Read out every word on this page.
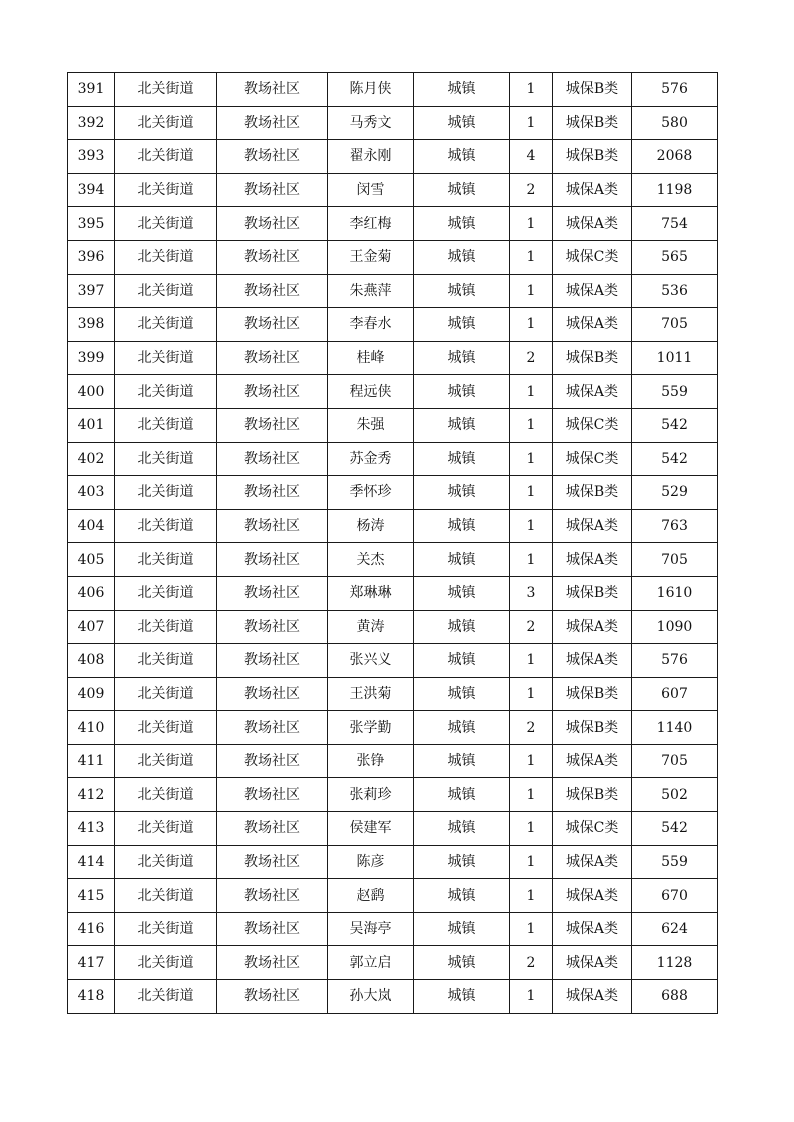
391	北关街道	教场社区	陈月侠	城镇	1	城保B类	576
392	北关街道	教场社区	马秀文	城镇	1	城保B类	580
393	北关街道	教场社区	翟永刚	城镇	4	城保B类	2068
394	北关街道	教场社区	闵雪	城镇	2	城保A类	1198
395	北关街道	教场社区	李红梅	城镇	1	城保A类	754
396	北关街道	教场社区	王金菊	城镇	1	城保C类	565
397	北关街道	教场社区	朱燕萍	城镇	1	城保A类	536
398	北关街道	教场社区	李春水	城镇	1	城保A类	705
399	北关街道	教场社区	桂峰	城镇	2	城保B类	1011
400	北关街道	教场社区	程远侠	城镇	1	城保A类	559
401	北关街道	教场社区	朱强	城镇	1	城保C类	542
402	北关街道	教场社区	苏金秀	城镇	1	城保C类	542
403	北关街道	教场社区	季怀珍	城镇	1	城保B类	529
404	北关街道	教场社区	杨涛	城镇	1	城保A类	763
405	北关街道	教场社区	关杰	城镇	1	城保A类	705
406	北关街道	教场社区	郑琳琳	城镇	3	城保B类	1610
407	北关街道	教场社区	黄涛	城镇	2	城保A类	1090
408	北关街道	教场社区	张兴义	城镇	1	城保A类	576
409	北关街道	教场社区	王洪菊	城镇	1	城保B类	607
410	北关街道	教场社区	张学勤	城镇	2	城保B类	1140
411	北关街道	教场社区	张铮	城镇	1	城保A类	705
412	北关街道	教场社区	张莉珍	城镇	1	城保B类	502
413	北关街道	教场社区	侯建军	城镇	1	城保C类	542
414	北关街道	教场社区	陈彦	城镇	1	城保A类	559
415	北关街道	教场社区	赵鹞	城镇	1	城保A类	670
416	北关街道	教场社区	吴海亭	城镇	1	城保A类	624
417	北关街道	教场社区	郭立启	城镇	2	城保A类	1128
418	北关街道	教场社区	孙大岚	城镇	1	城保A类	688
